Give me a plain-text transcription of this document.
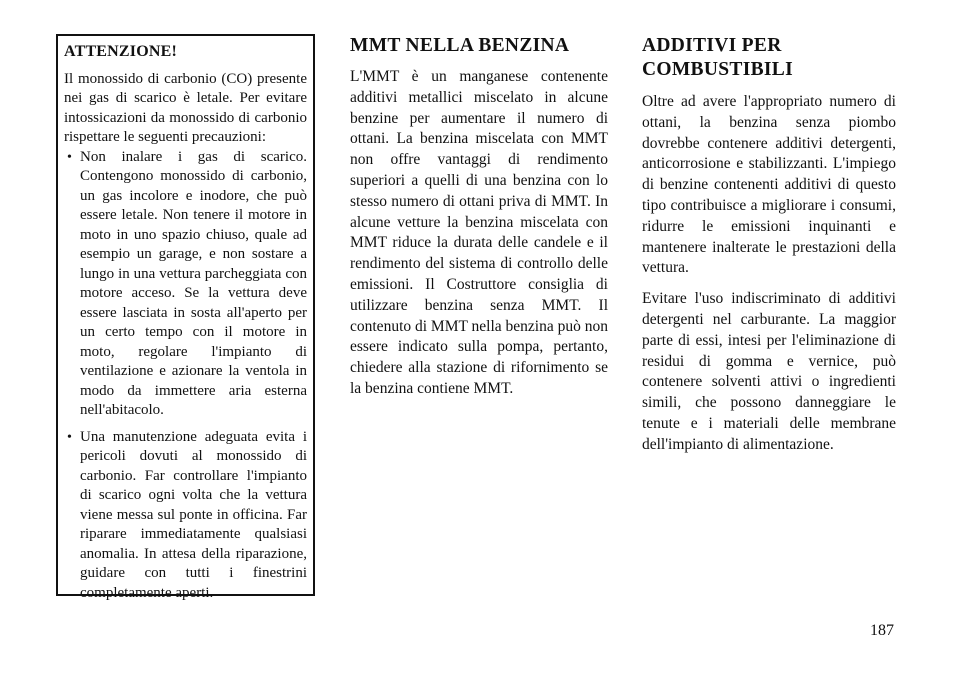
ATTENZIONE!

Il monossido di carbonio (CO) presente nei gas di scarico è letale. Per evitare intossicazioni da monossido di carbonio rispettare le seguenti precauzioni:

• Non inalare i gas di scarico. Contengono monossido di carbonio, un gas incolore e inodore, che può essere letale. Non tenere il motore in moto in uno spazio chiuso, quale ad esempio un garage, e non sostare a lungo in una vettura parcheggiata con motore acceso. Se la vettura deve essere lasciata in sosta all'aperto per un certo tempo con il motore in moto, regolare l'impianto di ventilazione e azionare la ventola in modo da immettere aria esterna nell'abitacolo.
• Una manutenzione adeguata evita i pericoli dovuti al monossido di carbonio. Far controllare l'impianto di scarico ogni volta che la vettura viene messa sul ponte in officina. Far riparare immediatamente qualsiasi anomalia. In attesa della riparazione, guidare con tutti i finestrini completamente aperti.
MMT NELLA BENZINA

L'MMT è un manganese contenente additivi metallici miscelato in alcune benzine per aumentare il numero di ottani. La benzina miscelata con MMT non offre vantaggi di rendimento superiori a quelli di una benzina con lo stesso numero di ottani priva di MMT. In alcune vetture la benzina miscelata con MMT riduce la durata delle candele e il rendimento del sistema di controllo delle emissioni. Il Costruttore consiglia di utilizzare benzina senza MMT. Il contenuto di MMT nella benzina può non essere indicato sulla pompa, pertanto, chiedere alla stazione di rifornimento se la benzina contiene MMT.

ADDITIVI PER COMBUSTIBILI

Oltre ad avere l'appropriato numero di ottani, la benzina senza piombo dovrebbe contenere additivi detergenti, anticorrosione e stabilizzanti. L'impiego di benzine contenenti additivi di questo tipo contribuisce a migliorare i consumi, ridurre le emissioni inquinanti e mantenere inalterate le prestazioni della vettura.

Evitare l'uso indiscriminato di additivi detergenti nel carburante. La maggior parte di essi, intesi per l'eliminazione di residui di gomma e vernice, può contenere solventi attivi o ingredienti simili, che possono danneggiare le tenute e i materiali delle membrane dell'impianto di alimentazione.

187
